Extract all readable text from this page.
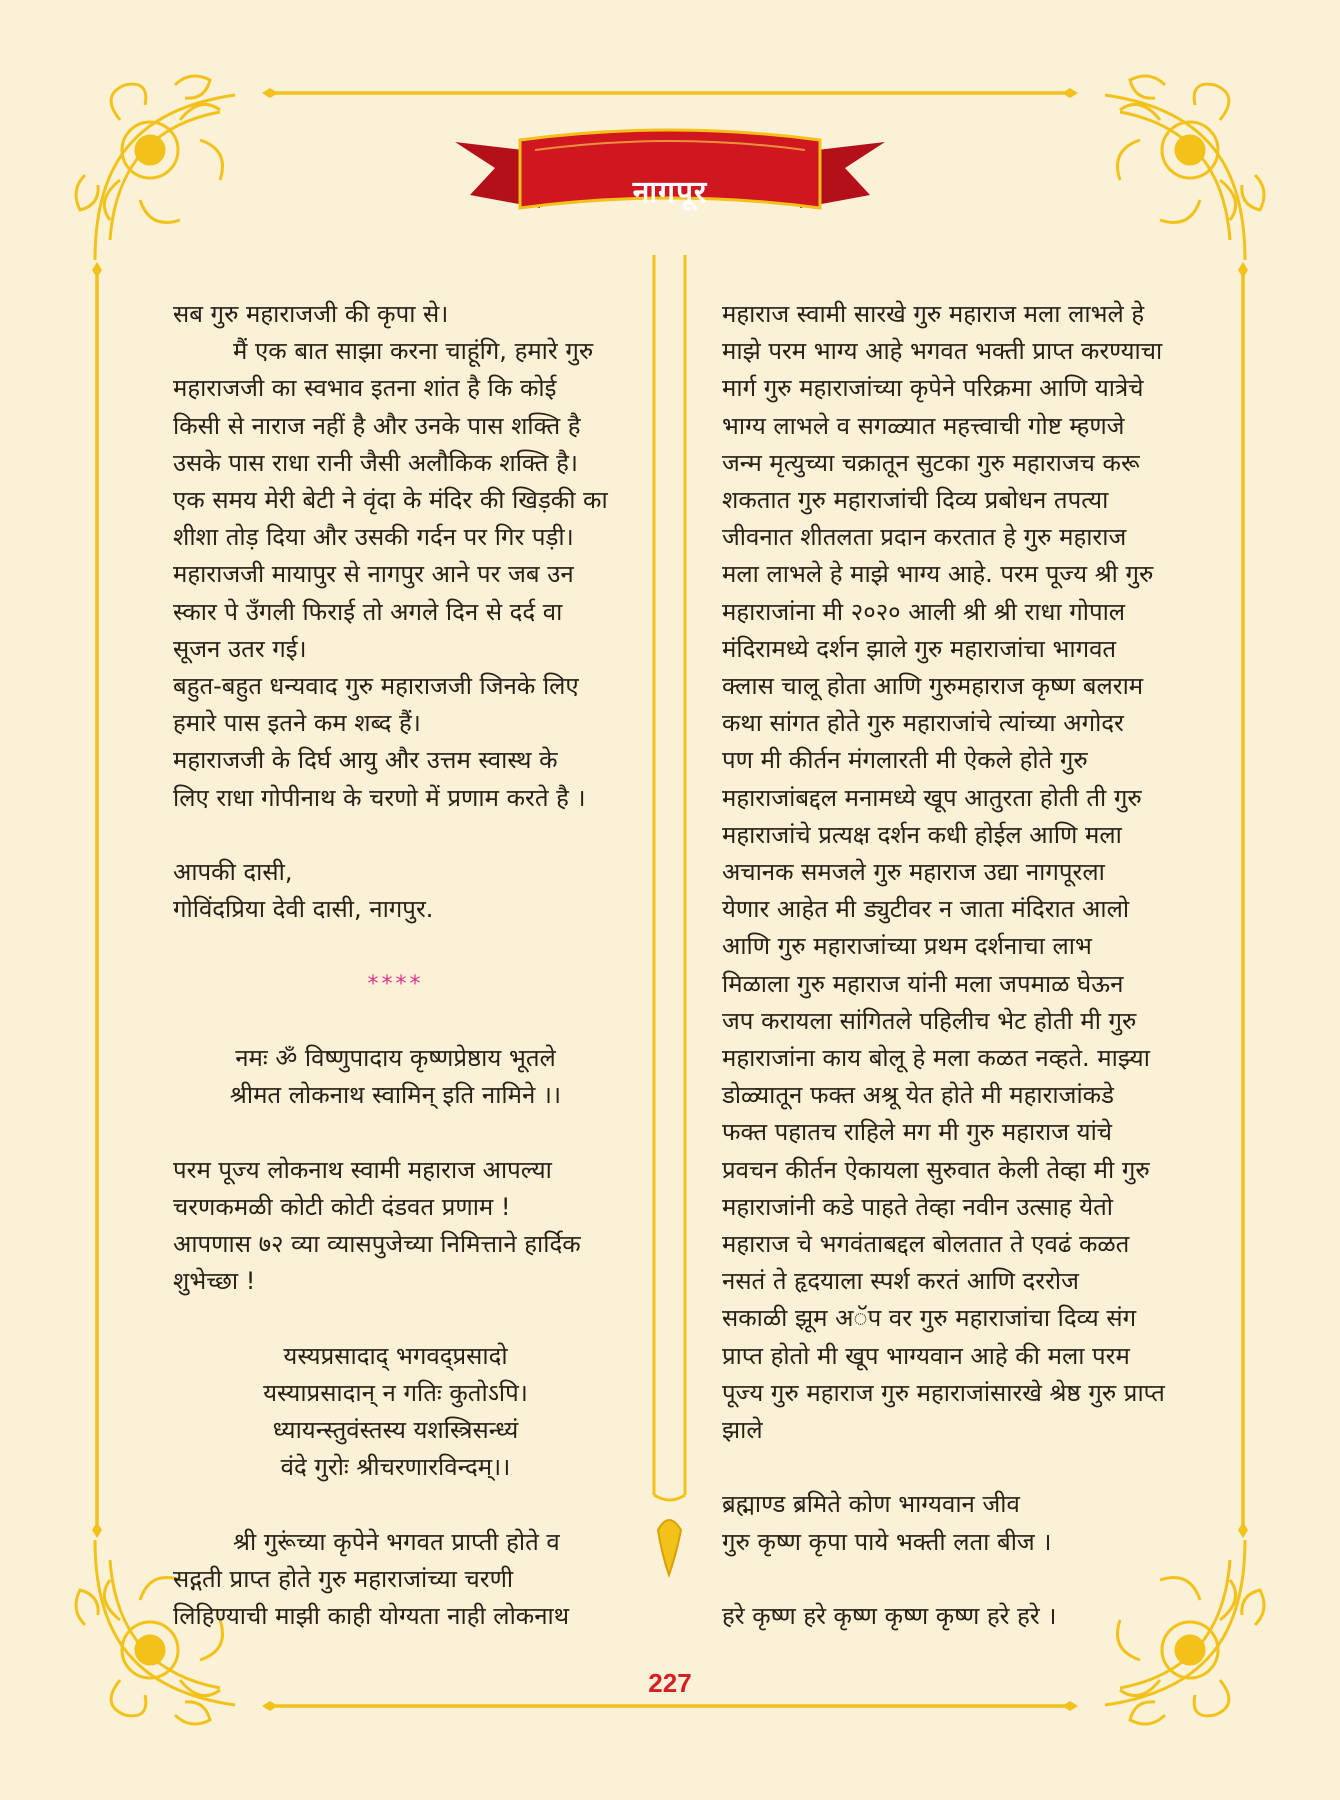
नागपूर
सब गुरु महाराजजी की कृपा से।
मैं एक बात साझा करना चाहूंगि, हमारे गुरु
महाराजजी का स्वभाव इतना शांत है कि कोई
किसी से नाराज नहीं है और उनके पास शक्ति है
उसके पास राधा रानी जैसी अलौकिक शक्ति है।
एक समय मेरी बेटी ने वृंदा के मंदिर की खिड़की का
शीशा तोड़ दिया और उसकी गर्दन पर गिर पड़ी।
महाराजजी मायापुर से नागपुर आने पर जब उन
स्कार पे उँगली फिराई तो अगले दिन से दर्द वा
सूजन उतर गई।
बहुत-बहुत धन्यवाद गुरु महाराजजी जिनके लिए
हमारे पास इतने कम शब्द हैं।
महाराजजी के दिर्घ आयु और उत्तम स्वास्थ के
लिए राधा गोपीनाथ के चरणो में प्रणाम करते है ।
आपकी दासी,
गोविंदप्रिया देवी दासी, नागपुर.
****
नमः ॐ विष्णुपादाय कृष्णप्रेष्ठाय भूतले
श्रीमत लोकनाथ स्वामिन् इति नामिने ।।
परम पूज्य लोकनाथ स्वामी महाराज आपल्या
चरणकमळी कोटी कोटी दंडवत प्रणाम !
आपणास ७२ व्या व्यासपुजेच्या निमित्ताने हार्दिक
शुभेच्छा !
यस्यप्रसादाद् भगवद्प्रसादो
यस्याप्रसादान् न गतिः कुतोऽपि।
ध्यायन्स्तुवंस्तस्य यशस्त्रिसन्ध्यं
वंदे गुरोः श्रीचरणारविन्दम्।।
श्री गुरूंच्या कृपेने भगवत प्राप्ती होते व
सद्गती प्राप्त होते गुरु महाराजांच्या चरणी
लिहिण्याची माझी काही योग्यता नाही लोकनाथ
महाराज स्वामी सारखे गुरु महाराज मला लाभले हे
माझे परम भाग्य आहे भगवत भक्ती प्राप्त करण्याचा
मार्ग गुरु महाराजांच्या कृपेने परिक्रमा आणि यात्रेचे
भाग्य लाभले व सगळ्यात महत्त्वाची गोष्ट म्हणजे
जन्म मृत्युच्या चक्रातून सुटका गुरु महाराजच करू
शकतात गुरु महाराजांची दिव्य प्रबोधन तपत्या
जीवनात शीतलता प्रदान करतात हे गुरु महाराज
मला लाभले हे माझे भाग्य आहे. परम पूज्य श्री गुरु
महाराजांना मी २०२० आली श्री श्री राधा गोपाल
मंदिरामध्ये दर्शन झाले गुरु महाराजांचा भागवत
क्लास चालू होता आणि गुरुमहाराज कृष्ण बलराम
कथा सांगत होते गुरु महाराजांचे त्यांच्या अगोदर
पण मी कीर्तन मंगलारती मी ऐकले होते गुरु
महाराजांबद्दल मनामध्ये खूप आतुरता होती ती गुरु
महाराजांचे प्रत्यक्ष दर्शन कधी होईल आणि मला
अचानक समजले गुरु महाराज उद्या नागपूरला
येणार आहेत मी ड्युटीवर न जाता मंदिरात आलो
आणि गुरु महाराजांच्या प्रथम दर्शनाचा लाभ
मिळाला गुरु महाराज यांनी मला जपमाळ घेऊन
जप करायला सांगितले पहिलीच भेट होती मी गुरु
महाराजांना काय बोलू हे मला कळत नव्हते. माझ्या
डोळ्यातून फक्त अश्रू येत होते मी महाराजांकडे
फक्त पहातच राहिले मग मी गुरु महाराज यांचे
प्रवचन कीर्तन ऐकायला सुरुवात केली तेव्हा मी गुरु
महाराजांनी कडे पाहते तेव्हा नवीन उत्साह येतो
महाराज चे भगवंताबद्दल बोलतात ते एवढं कळत
नसतं ते हृदयाला स्पर्श करतं आणि दररोज
सकाळी झूम अॅप वर गुरु महाराजांचा दिव्य संग
प्राप्त होतो मी खूप भाग्यवान आहे की मला परम
पूज्य गुरु महाराज गुरु महाराजांसारखे श्रेष्ठ गुरु प्राप्त
झाले
ब्रह्माण्ड ब्रमिते कोण भाग्यवान जीव
गुरु कृष्ण कृपा पाये भक्ती लता बीज ।
हरे कृष्ण हरे कृष्ण कृष्ण कृष्ण हरे हरे ।
227
